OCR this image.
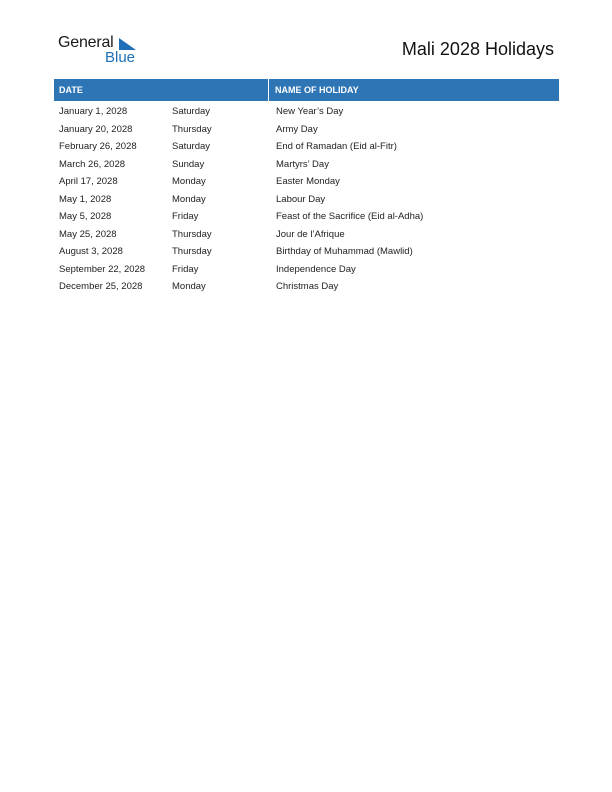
General
Blue	Mali 2028 Holidays
DATE	NAME OF HOLIDAY
January 1, 2028	Saturday	New Year’s Day
January 20, 2028	Thursday	Army Day
February 26, 2028	Saturday	End of Ramadan (Eid al-Fitr)
March 26, 2028	Sunday	Martyrs’ Day
April 17, 2028	Monday	Easter Monday
May 1, 2028	Monday	Labour Day
May 5, 2028	Friday	Feast of the Sacrifice (Eid al-Adha)
May 25, 2028	Thursday	Jour de l’Afrique
August 3, 2028	Thursday	Birthday of Muhammad (Mawlid)
September 22, 2028	Friday	Independence Day
December 25, 2028	Monday	Christmas Day
